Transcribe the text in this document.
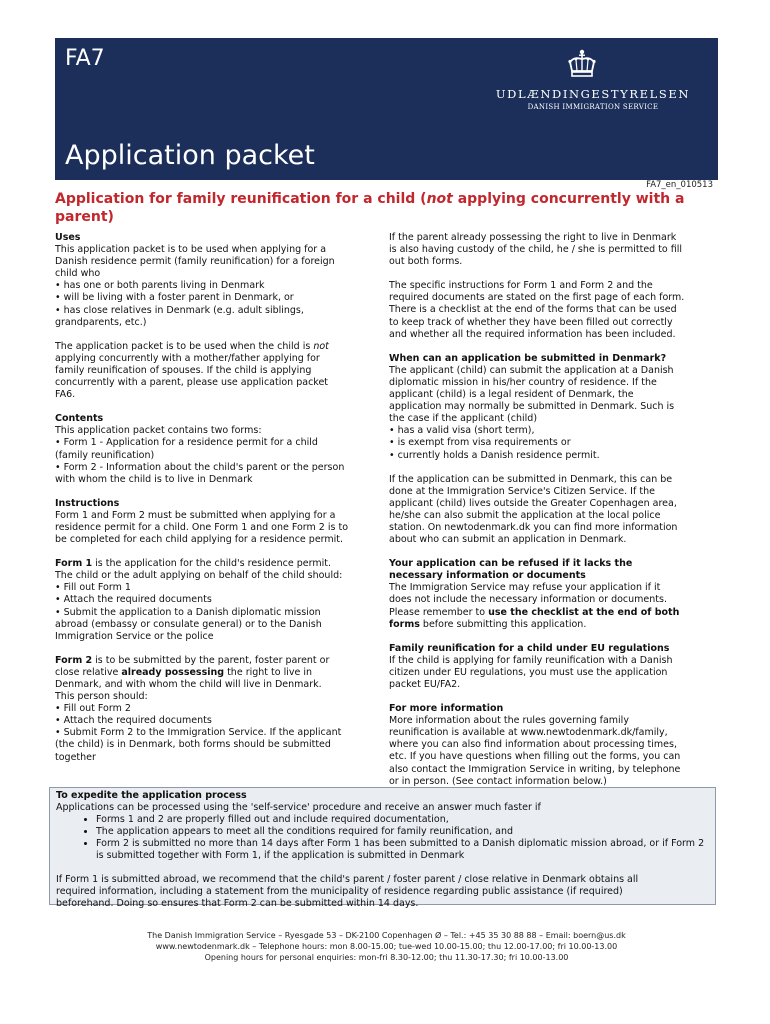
FA7
UDLÆNDINGESTYRELSEN
DANISH IMMIGRATION SERVICE
Application packet
FA7_en_010513
Application for family reunification for a child (not applying concurrently with a parent)

Uses

This application packet is to be used when applying for a

Danish residence permit (family reunification) for a foreign

child who

• has one or both parents living in Denmark

• will be living with a foster parent in Denmark, or

• has close relatives in Denmark (e.g. adult siblings,

grandparents, etc.)

The application packet is to be used when the child is not

applying concurrently with a mother/father applying for

family reunification of spouses. If the child is applying

concurrently with a parent, please use application packet

FA6.

Contents

This application packet contains two forms:

• Form 1 - Application for a residence permit for a child

(family reunification)

• Form 2 - Information about the child's parent or the person

with whom the child is to live in Denmark

Instructions

Form 1 and Form 2 must be submitted when applying for a

residence permit for a child. One Form 1 and one Form 2 is to

be completed for each child applying for a residence permit.

Form 1 is the application for the child's residence permit.

The child or the adult applying on behalf of the child should:

• Fill out Form 1

• Attach the required documents

• Submit the application to a Danish diplomatic mission

abroad (embassy or consulate general) or to the Danish

Immigration Service or the police

Form 2 is to be submitted by the parent, foster parent or

close relative already possessing the right to live in

Denmark, and with whom the child will live in Denmark.

This person should:

• Fill out Form 2

• Attach the required documents

• Submit Form 2 to the Immigration Service. If the applicant

(the child) is in Denmark, both forms should be submitted

together

If the parent already possessing the right to live in Denmark

is also having custody of the child, he / she is permitted to fill

out both forms.

The specific instructions for Form 1 and Form 2 and the

required documents are stated on the first page of each form.

There is a checklist at the end of the forms that can be used

to keep track of whether they have been filled out correctly

and whether all the required information has been included.

When can an application be submitted in Denmark?

The applicant (child) can submit the application at a Danish

diplomatic mission in his/her country of residence. If the

applicant (child) is a legal resident of Denmark, the

application may normally be submitted in Denmark. Such is

the case if the applicant (child)

• has a valid visa (short term),

• is exempt from visa requirements or

• currently holds a Danish residence permit.

If the application can be submitted in Denmark, this can be

done at the Immigration Service's Citizen Service. If the

applicant (child) lives outside the Greater Copenhagen area,

he/she can also submit the application at the local police

station. On newtodenmark.dk you can find more information

about who can submit an application in Denmark.

Your application can be refused if it lacks the

necessary information or documents

The Immigration Service may refuse your application if it

does not include the necessary information or documents.

Please remember to use the checklist at the end of both

forms before submitting this application.

Family reunification for a child under EU regulations

If the child is applying for family reunification with a Danish

citizen under EU regulations, you must use the application

packet EU/FA2.

For more information

More information about the rules governing family

reunification is available at www.newtodenmark.dk/family,

where you can also find information about processing times,

etc. If you have questions when filling out the forms, you can

also contact the Immigration Service in writing, by telephone

or in person. (See contact information below.)

To expedite the application process

Applications can be processed using the 'self-service' procedure and receive an answer much faster if

• Forms 1 and 2 are properly filled out and include required documentation,
• The application appears to meet all the conditions required for family reunification, and
• Form 2 is submitted no more than 14 days after Form 1 has been submitted to a Danish diplomatic mission abroad, or if Form 2 is submitted together with Form 1, if the application is submitted in Denmark

If Form 1 is submitted abroad, we recommend that the child's parent / foster parent / close relative in Denmark obtains all

required information, including a statement from the municipality of residence regarding public assistance (if required)

beforehand. Doing so ensures that Form 2 can be submitted within 14 days.

The Danish Immigration Service – Ryesgade 53 – DK-2100 Copenhagen Ø – Tel.: +45 35 30 88 88 – Email: boern@us.dk
www.newtodenmark.dk – Telephone hours: mon 8.00-15.00; tue-wed 10.00-15.00; thu 12.00-17.00; fri 10.00-13.00
Opening hours for personal enquiries: mon-fri 8.30-12.00; thu 11.30-17.30; fri 10.00-13.00
